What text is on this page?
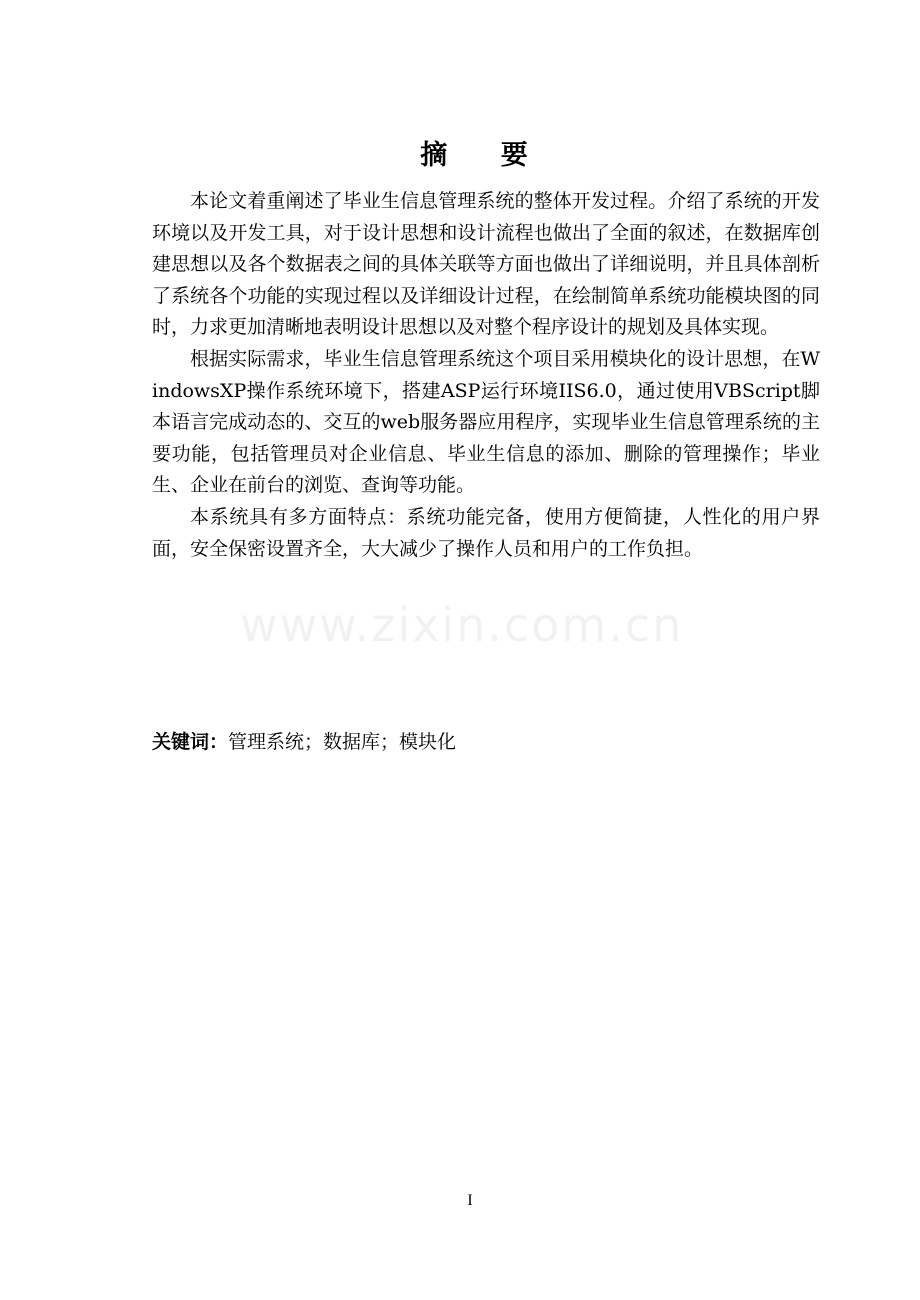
www.zixin.com.cn
摘 要

本论文着重阐述了毕业生信息管理系统的整体开发过程。介绍了系统的开发环境以及开发工具，对于设计思想和设计流程也做出了全面的叙述，在数据库创建思想以及各个数据表之间的具体关联等方面也做出了详细说明，并且具体剖析了系统各个功能的实现过程以及详细设计过程，在绘制简单系统功能模块图的同时，力求更加清晰地表明设计思想以及对整个程序设计的规划及具体实现。

根据实际需求，毕业生信息管理系统这个项目采用模块化的设计思想，在WindowsXP操作系统环境下，搭建ASP运行环境IIS6.0，通过使用VBScript脚本语言完成动态的、交互的web服务器应用程序，实现毕业生信息管理系统的主要功能，包括管理员对企业信息、毕业生信息的添加、删除的管理操作；毕业生、企业在前台的浏览、查询等功能。

本系统具有多方面特点：系统功能完备，使用方便简捷，人性化的用户界面，安全保密设置齐全，大大减少了操作人员和用户的工作负担。

关键词：管理系统；数据库；模块化
I
